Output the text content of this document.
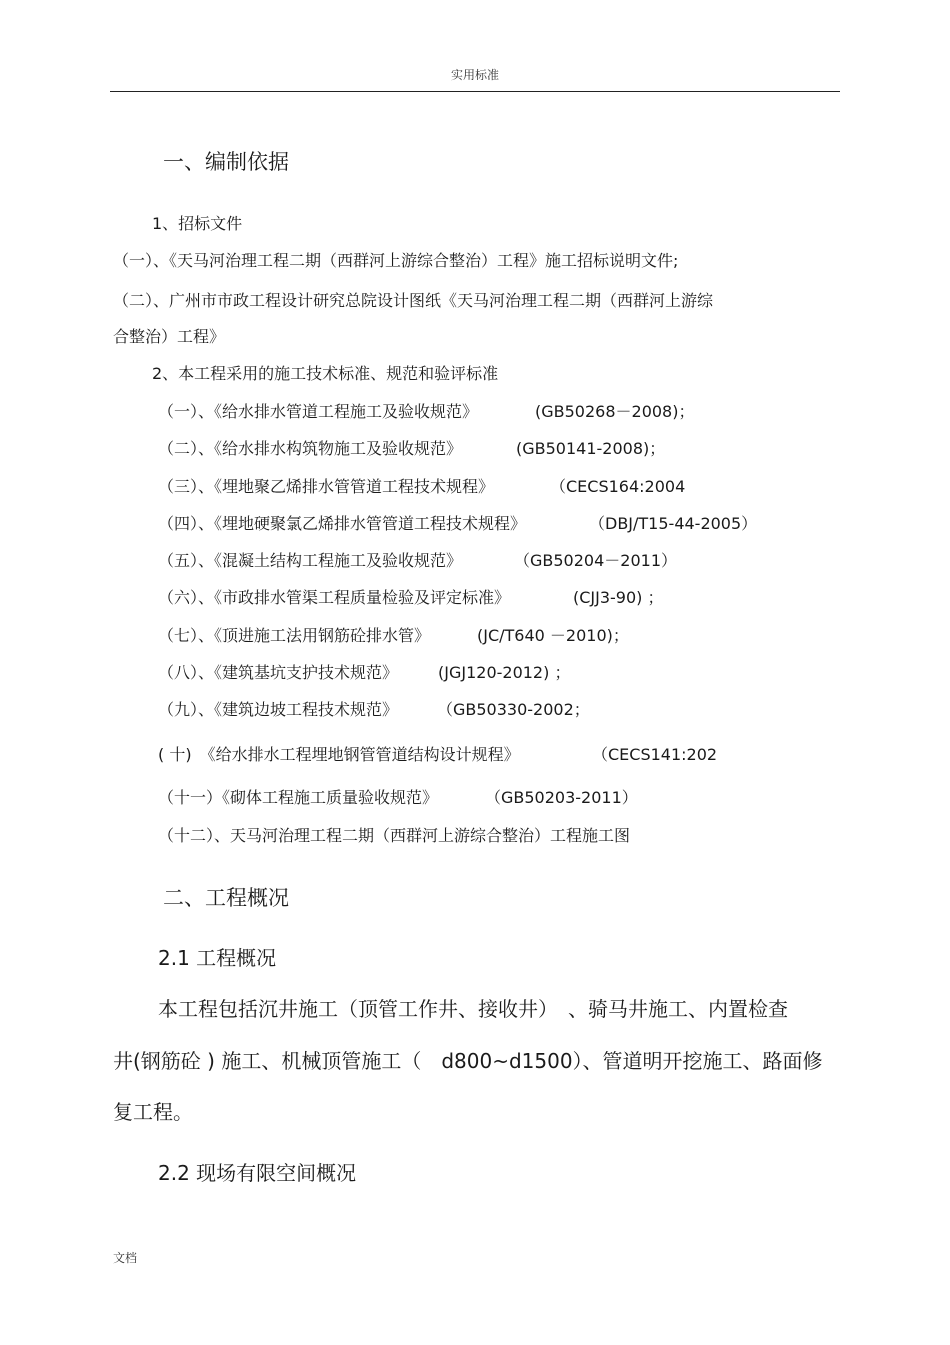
实用标准
一、编制依据
1、招标文件
（一）、《天马河治理工程二期（西群河上游综合整治）工程》施工招标说明文件;
（二）、广州市市政工程设计研究总院设计图纸《天马河治理工程二期（西群河上游综
合整治）工程》
2、本工程采用的施工技术标准、规范和验评标准
（一）、《给水排水管道工程施工及验收规范》	(GB50268－2008)；
（二）、《给水排水构筑物施工及验收规范》	(GB50141-2008)；
（三）、《埋地聚乙烯排水管管道工程技术规程》	（CECS164:2004
（四）、《埋地硬聚氯乙烯排水管管道工程技术规程》	（DBJ/T15-44-2005）
（五）、《混凝土结构工程施工及验收规范》	（GB50204－2011）
（六）、《市政排水管渠工程质量检验及评定标准》	(CJJ3-90) ；
（七）、《顶进施工法用钢筋砼排水管》	(JC/T640 －2010)；
（八）、《建筑基坑支护技术规范》 (JGJ120-2012) ；
（九）、《建筑边坡工程技术规范》 （GB50330-2002；
( 十)　《给水排水工程埋地钢管管道结构设计规程》	（CECS141:202
（十一）《砌体工程施工质量验收规范》	（GB50203-2011）
（十二）、天马河治理工程二期（西群河上游综合整治）工程施工图
二、工程概况
2.1 工程概况
本工程包括沉井施工（顶管工作井、接收井）　、骑马井施工、内置检查
井(钢筋砼 ) 施工、机械顶管施工（　d800~d1500）、管道明开挖施工、路面修
复工程。
2.2 现场有限空间概况
文档
